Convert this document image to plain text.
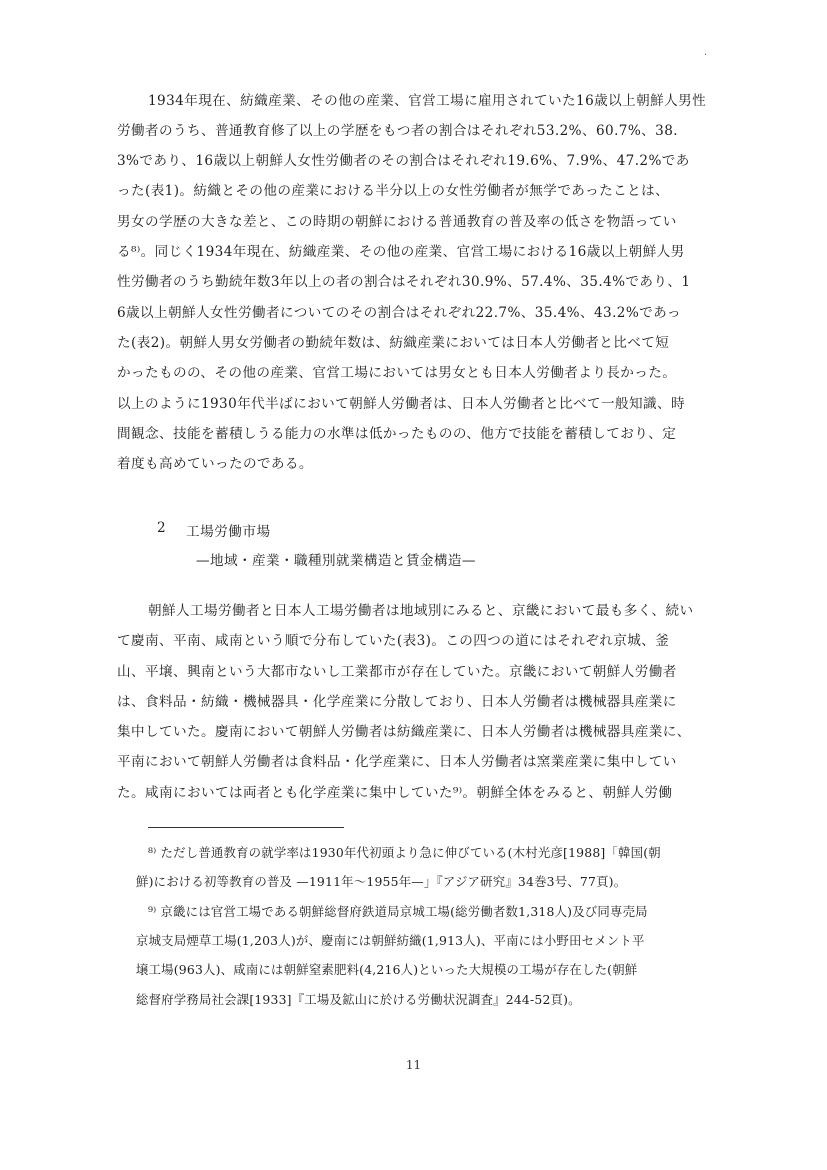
·
1934年現在、紡織産業、その他の産業、官営工場に雇用されていた16歳以上朝鮮人男性
労働者のうち、普通教育修了以上の学歴をもつ者の割合はそれぞれ53.2%、60.7%、38.
3%であり、16歳以上朝鮮人女性労働者のその割合はそれぞれ19.6%、7.9%、47.2%であ
った(表1)。紡織とその他の産業における半分以上の女性労働者が無学であったことは、
男女の学歴の大きな差と、この時期の朝鮮における普通教育の普及率の低さを物語ってい
る⁸⁾。同じく1934年現在、紡織産業、その他の産業、官営工場における16歳以上朝鮮人男
性労働者のうち勤続年数3年以上の者の割合はそれぞれ30.9%、57.4%、35.4%であり、1
6歳以上朝鮮人女性労働者についてのその割合はそれぞれ22.7%、35.4%、43.2%であっ
た(表2)。朝鮮人男女労働者の勤続年数は、紡織産業においては日本人労働者と比べて短
かったものの、その他の産業、官営工場においては男女とも日本人労働者より長かった。
以上のように1930年代半ばにおいて朝鮮人労働者は、日本人労働者と比べて一般知識、時
間観念、技能を蓄積しうる能力の水準は低かったものの、他方で技能を蓄積しており、定
着度も高めていったのである。
2 工場労働市場
—地域・産業・職種別就業構造と賃金構造—
朝鮮人工場労働者と日本人工場労働者は地域別にみると、京畿において最も多く、続い
て慶南、平南、咸南という順で分布していた(表3)。この四つの道にはそれぞれ京城、釜
山、平壌、興南という大都市ないし工業都市が存在していた。京畿において朝鮮人労働者
は、食料品・紡織・機械器具・化学産業に分散しており、日本人労働者は機械器具産業に
集中していた。慶南において朝鮮人労働者は紡織産業に、日本人労働者は機械器具産業に、
平南において朝鮮人労働者は食料品・化学産業に、日本人労働者は窯業産業に集中してい
た。咸南においては両者とも化学産業に集中していた⁹⁾。朝鮮全体をみると、朝鮮人労働
⁸⁾ ただし普通教育の就学率は1930年代初頭より急に伸びている(木村光彦[1988]「韓国(朝
鮮)における初等教育の普及 —1911年～1955年—」『アジア研究』34巻3号、77頁)。
⁹⁾ 京畿には官営工場である朝鮮総督府鉄道局京城工場(総労働者数1,318人)及び同専売局
京城支局煙草工場(1,203人)が、慶南には朝鮮紡織(1,913人)、平南には小野田セメント平
壌工場(963人)、咸南には朝鮮窒素肥料(4,216人)といった大規模の工場が存在した(朝鮮
総督府学務局社会課[1933]『工場及鉱山に於ける労働状況調査』244-52頁)。
11
